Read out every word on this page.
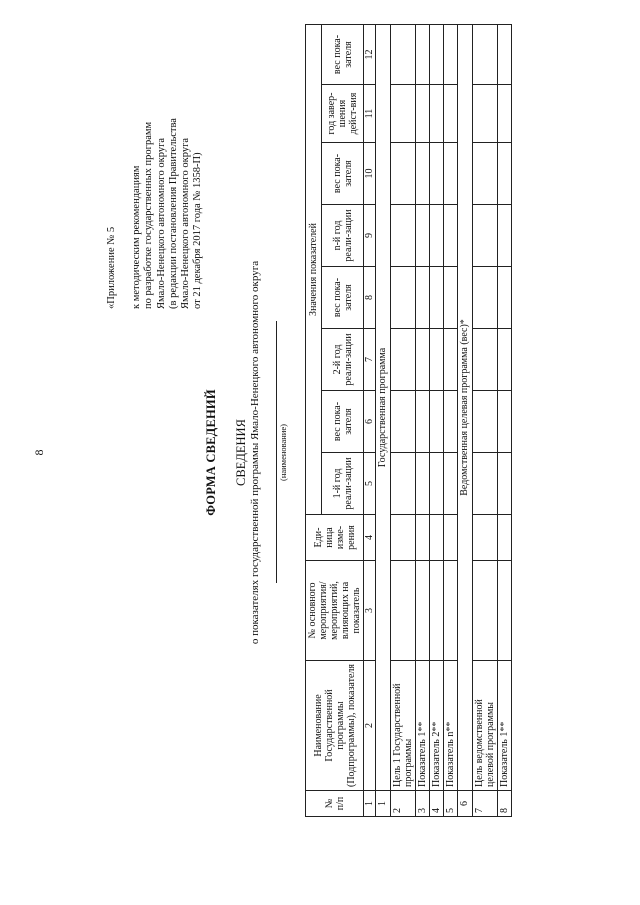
8
«Приложение № 5 к методическим рекомендациям по разработке государственных программ Ямало-Ненецкого автономного округа (в редакции постановления Правительства Ямало-Ненецкого автономного округа от 21 декабря 2017 года № 1358-П)
ФОРМА СВЕДЕНИЙ СВЕДЕНИЯ о показателях государственной программы Ямало-Ненецкого автономного округа (наименование)
№ п/п	Наименование Государственной программы (Подпрограммы), показателя	№ основного мероприятия/ мероприятий, влияющих на показатель	Еди-ница изме-рения	Значения показателей							
				1-й год реали-зации	вес пока-зателя	2-й год реали-зации	вес пока-зателя	n-й год реали-зации	вес пока-зателя	год завер-шения дейст-вия	вес пока-зателя
1	2	3	4	5	6	7	8	9	10	11	12
1	Государственная программа										
2	Цель 1 Государственной программы										
3	Показатель 1**										
4	Показатель 2**										
5	Показатель n**										
6	Ведомственная целевая программа (вес)*										
7	Цель ведомственной целевой программы										
8	Показатель 1**										
